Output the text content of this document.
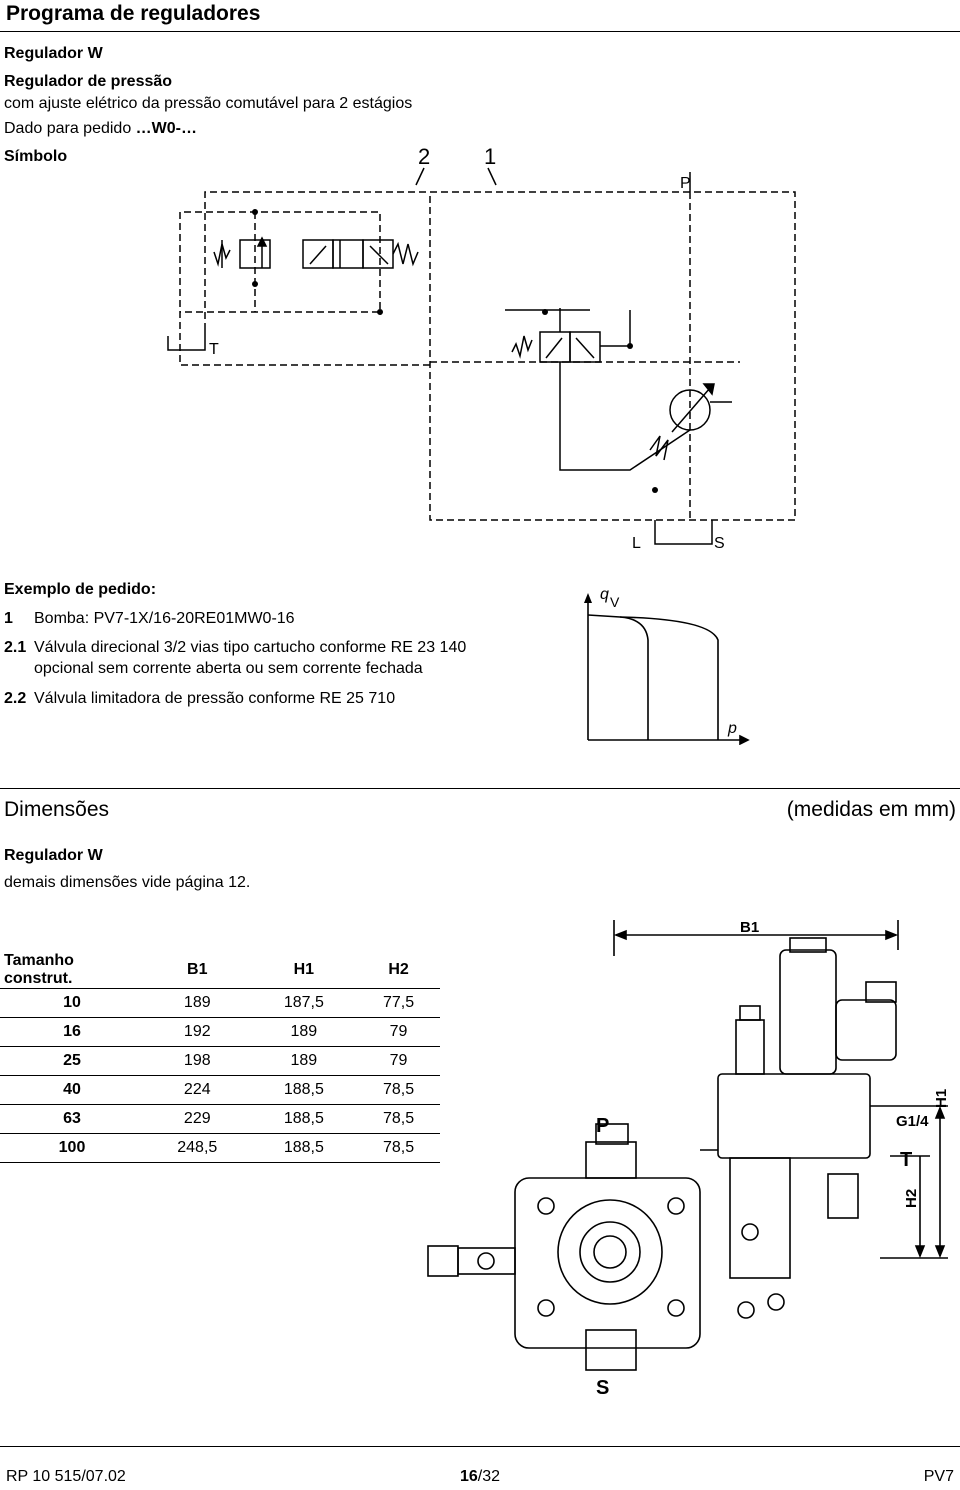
Programa de reguladores
Regulador W
Regulador de pressão
com ajuste elétrico da pressão comutável para 2 estágios
Dado para pedido …W0-…
Símbolo	2 1
P
T
L	S
Exemplo de pedido:
1 Bomba: PV7-1X/16-20RE01MW0-16
2.1 Válvula direcional 3/2 vias tipo cartucho conforme RE 23 140
opcional sem corrente aberta ou sem corrente fechada
2.2 Válvula limitadora de pressão conforme RE 25 710
q V
p
Dimensões	(medidas em mm)
Regulador W
demais dimensões vide página 12.
Tamanho construt.	B1	H1	H2
10	189	187,5	77,5
16	192	189	79
25	198	189	79
40	224	188,5	78,5
63	229	188,5	78,5
100	248,5	188,5	78,5
B1
G1/4
H1
H2
P
T
S
RP 10 515/07.02	16/32	PV7
